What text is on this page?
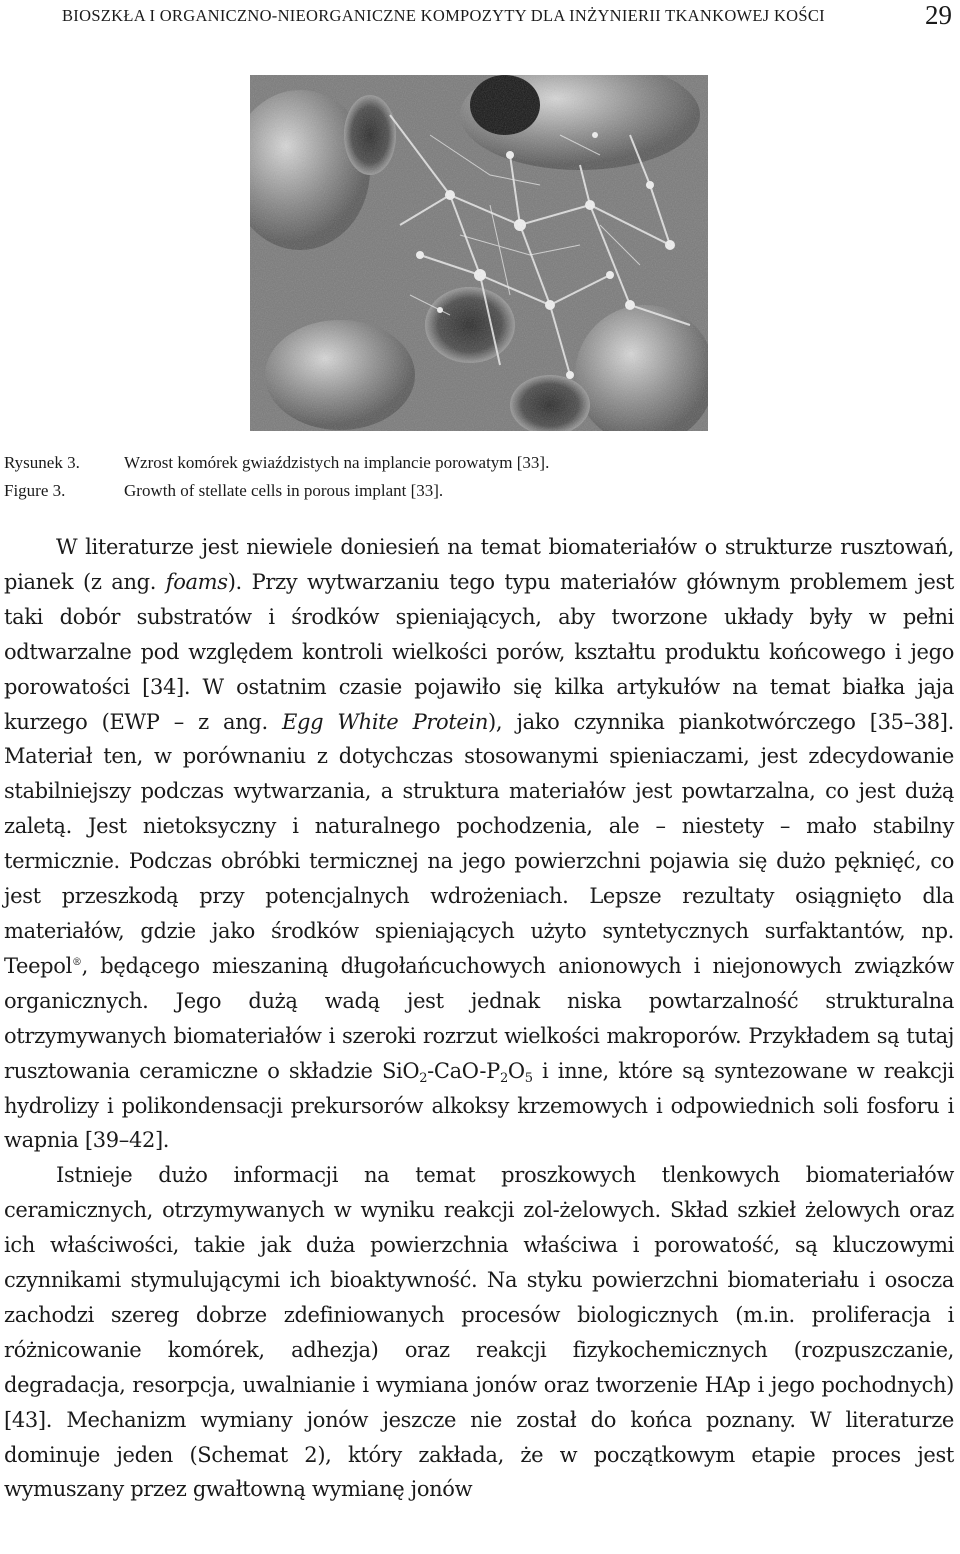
BIOSZKŁA I ORGANICZNO-NIEORGANICZNE KOMPOZYTY DLA INŻYNIERII TKANKOWEJ KOŚCI	29
Rysunek 3.	Wzrost komórek gwiaździstych na implancie porowatym [33].
Figure 3.	Growth of stellate cells in porous implant [33].

W literaturze jest niewiele doniesień na temat biomateriałów o strukturze rusztowań, pianek (z ang. foams). Przy wytwarzaniu tego typu materiałów głównym problemem jest taki dobór substratów i środków spieniających, aby tworzone układy były w pełni odtwarzalne pod względem kontroli wielkości porów, kształtu produktu końcowego i jego porowatości [34]. W ostatnim czasie pojawiło się kilka artykułów na temat białka jaja kurzego (EWP – z ang. Egg White Protein), jako czynnika piankotwórczego [35–38]. Materiał ten, w porównaniu z dotychczas stosowanymi spieniaczami, jest zdecydowanie stabilniejszy podczas wytwarzania, a struktura materiałów jest powtarzalna, co jest dużą zaletą. Jest nietoksyczny i naturalnego pochodzenia, ale – niestety – mało stabilny termicznie. Podczas obróbki termicznej na jego powierzchni pojawia się dużo pęknięć, co jest przeszkodą przy potencjalnych wdrożeniach. Lepsze rezultaty osiągnięto dla materiałów, gdzie jako środków spieniających użyto syntetycznych surfaktantów, np. Teepol®, będącego mieszaniną długołańcuchowych anionowych i niejonowych związków organicznych. Jego dużą wadą jest jednak niska powtarzalność strukturalna otrzymywanych biomateriałów i szeroki rozrzut wielkości makroporów. Przykładem są tutaj rusztowania ceramiczne o składzie $SiO_2-CaO-P_2O_5$ i inne, które są syntezowane w reakcji hydrolizy i polikondensacji prekursorów alkoksy krzemowych i odpowiednich soli fosforu i wapnia [39–42].

Istnieje dużo informacji na temat proszkowych tlenkowych biomateriałów ceramicznych, otrzymywanych w wyniku reakcji zol-żelowych. Skład szkieł żelowych oraz ich właściwości, takie jak duża powierzchnia właściwa i porowatość, są kluczowymi czynnikami stymulującymi ich bioaktywność. Na styku powierzchni biomateriału i osocza zachodzi szereg dobrze zdefiniowanych procesów biologicznych (m.in. proliferacja i różnicowanie komórek, adhezja) oraz reakcji fizykochemicznych (rozpuszczanie, degradacja, resorpcja, uwalnianie i wymiana jonów oraz tworzenie HAp i jego pochodnych) [43]. Mechanizm wymiany jonów jeszcze nie został do końca poznany. W literaturze dominuje jeden (Schemat 2), który zakłada, że w początkowym etapie proces jest wymuszany przez gwałtowną wymianę jonów
